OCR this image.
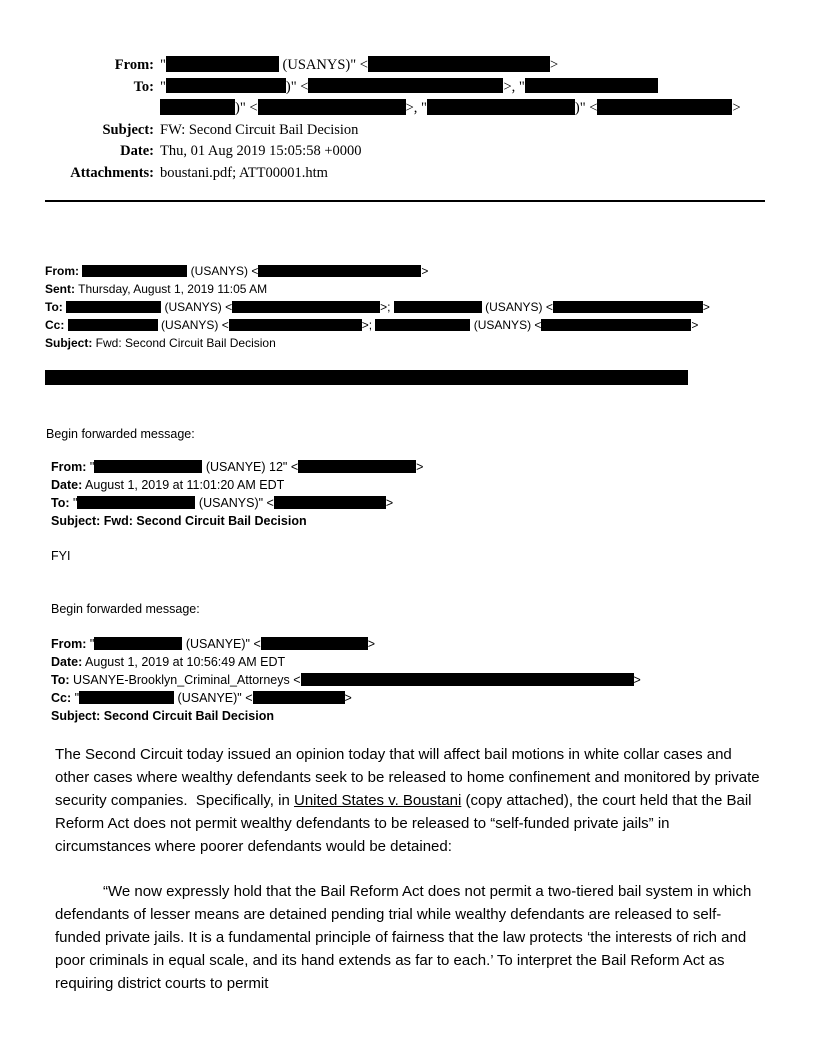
From:	" (USANYS)" < >
To:	" )" < >, "
	)" < >, " )" < >
Subject:	FW: Second Circuit Bail Decision
Date:	Thu, 01 Aug 2019 15:05:58 +0000
Attachments:	boustani.pdf; ATT00001.htm
From:	(USANYS) <	>
Sent: Thursday, August 1, 2019 11:05 AM
To:	(USANYS) <	>;	(USANYS) <	>
Cc:	(USANYS) <	>;	(USANYS) <	>
Subject: Fwd: Second Circuit Bail Decision
Begin forwarded message:
From: "	(USANYE) 12" <	>
Date: August 1, 2019 at 11:01:20 AM EDT
To: "	(USANYS)" <	>
Subject: Fwd: Second Circuit Bail Decision
FYI
Begin forwarded message:
From: "	(USANYE)" <	>
Date: August 1, 2019 at 10:56:49 AM EDT
To: USANYE-Brooklyn_Criminal_Attorneys <	>
Cc: "	(USANYE)" <	>
Subject: Second Circuit Bail Decision

The Second Circuit today issued an opinion today that will affect bail motions in white collar cases and other cases where wealthy defendants seek to be released to home confinement and monitored by private security companies.  Specifically, in United States v. Boustani (copy attached), the court held that the Bail Reform Act does not permit wealthy defendants to be released to “self-funded private jails” in circumstances where poorer defendants would be detained:

“We now expressly hold that the Bail Reform Act does not permit a two-tiered bail system in which defendants of lesser means are detained pending trial while wealthy defendants are released to self-funded private jails. It is a fundamental principle of fairness that the law protects ‘the interests of rich and poor criminals in equal scale, and its hand extends as far to each.’ To interpret the Bail Reform Act as requiring district courts to permit
